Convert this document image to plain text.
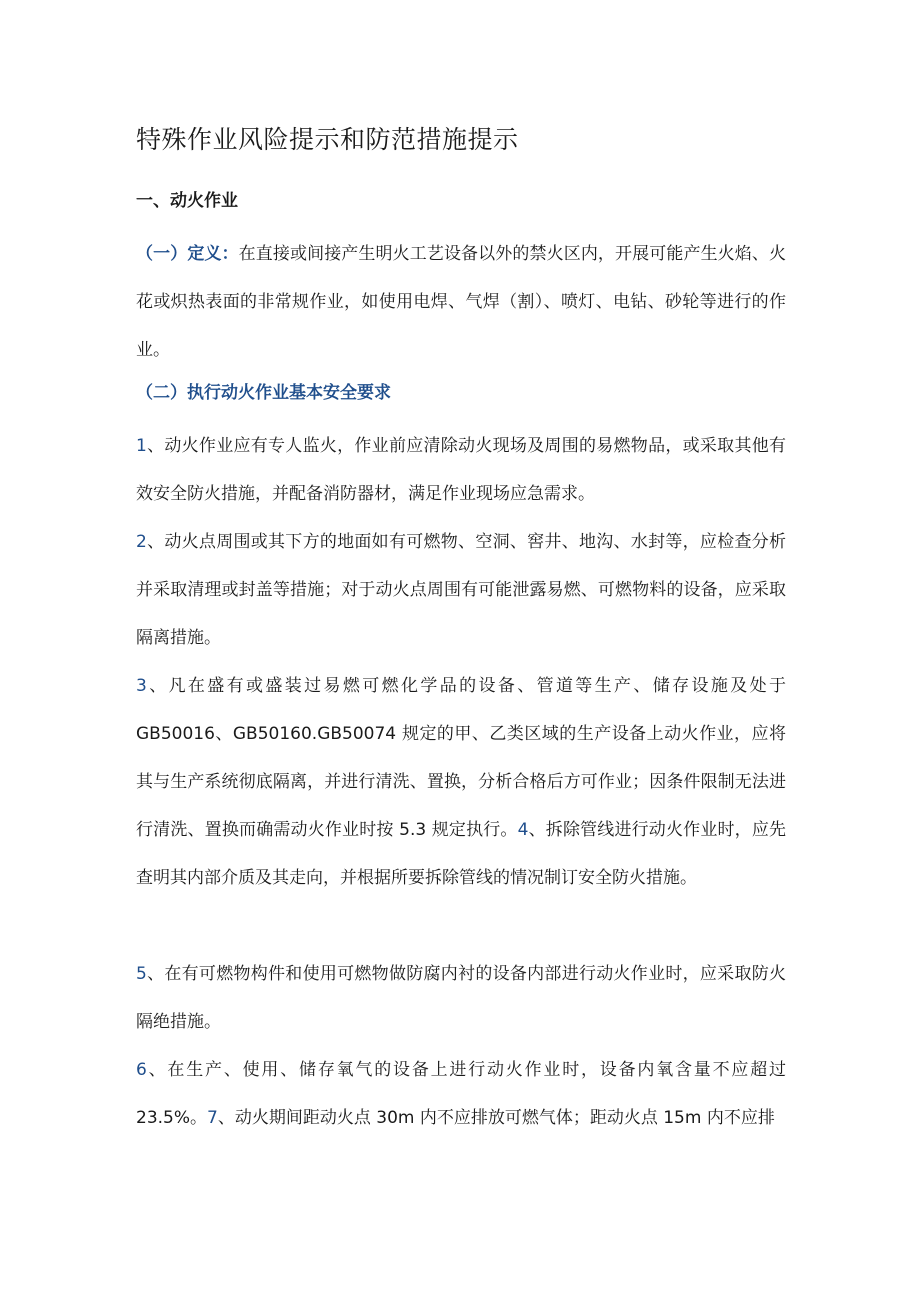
特殊作业风险提示和防范措施提示
一、动火作业
（一）定义：在直接或间接产生明火工艺设备以外的禁火区内，开展可能产生火焰、火花或炽热表面的非常规作业，如使用电焊、气焊（割）、喷灯、电钻、砂轮等进行的作业。
（二）执行动火作业基本安全要求
1、动火作业应有专人监火，作业前应清除动火现场及周围的易燃物品，或采取其他有效安全防火措施，并配备消防器材，满足作业现场应急需求。
2、动火点周围或其下方的地面如有可燃物、空洞、窖井、地沟、水封等，应检查分析并采取清理或封盖等措施；对于动火点周围有可能泄露易燃、可燃物料的设备，应采取隔离措施。
3、凡在盛有或盛装过易燃可燃化学品的设备、管道等生产、储存设施及处于GB50016、GB50160.GB50074 规定的甲、乙类区域的生产设备上动火作业，应将其与生产系统彻底隔离，并进行清洗、置换，分析合格后方可作业；因条件限制无法进行清洗、置换而确需动火作业时按 5.3 规定执行。4、拆除管线进行动火作业时，应先查明其内部介质及其走向，并根据所要拆除管线的情况制订安全防火措施。
5、在有可燃物构件和使用可燃物做防腐内衬的设备内部进行动火作业时，应采取防火隔绝措施。
6、在生产、使用、储存氧气的设备上进行动火作业时，设备内氧含量不应超过23.5%。7、动火期间距动火点 30m 内不应排放可燃气体；距动火点 15m 内不应排
